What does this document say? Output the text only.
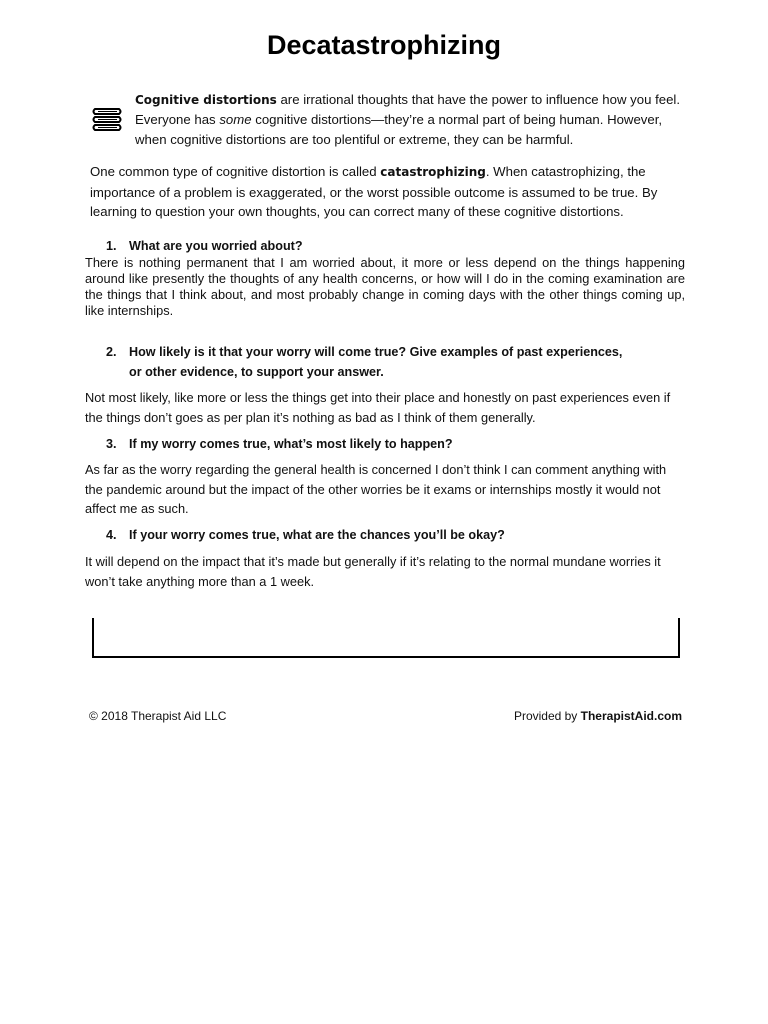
Decatastrophizing
Cognitive distortions are irrational thoughts that have the power to influence how you feel. Everyone has some cognitive distortions—they’re a normal part of being human. However, when cognitive distortions are too plentiful or extreme, they can be harmful.
One common type of cognitive distortion is called catastrophizing. When catastrophizing, the importance of a problem is exaggerated, or the worst possible outcome is assumed to be true. By learning to question your own thoughts, you can correct many of these cognitive distortions.
1. What are you worried about?
There is nothing permanent that I am worried about, it more or less depend on the things happening around like presently the thoughts of any health concerns, or how will I do in the coming examination are the things that I think about, and most probably change in coming days with the other things coming up, like internships.
2. How likely is it that your worry will come true? Give examples of past experiences,
or other evidence, to support your answer.
Not most likely, like more or less the things get into their place and honestly on past experiences even if the things don’t goes as per plan it’s nothing as bad as I think of them generally.
3. If my worry comes true, what’s most likely to happen?
As far as the worry regarding the general health is concerned I don’t think I can comment anything with the pandemic around but the impact of the other worries be it exams or internships mostly it would not affect me as such.
4. If your worry comes true, what are the chances you’ll be okay?
It will depend on the impact that it’s made but generally if it’s relating to the normal mundane worries it won’t take anything more than a 1 week.
© 2018 Therapist Aid LLC	Provided by TherapistAid.com
